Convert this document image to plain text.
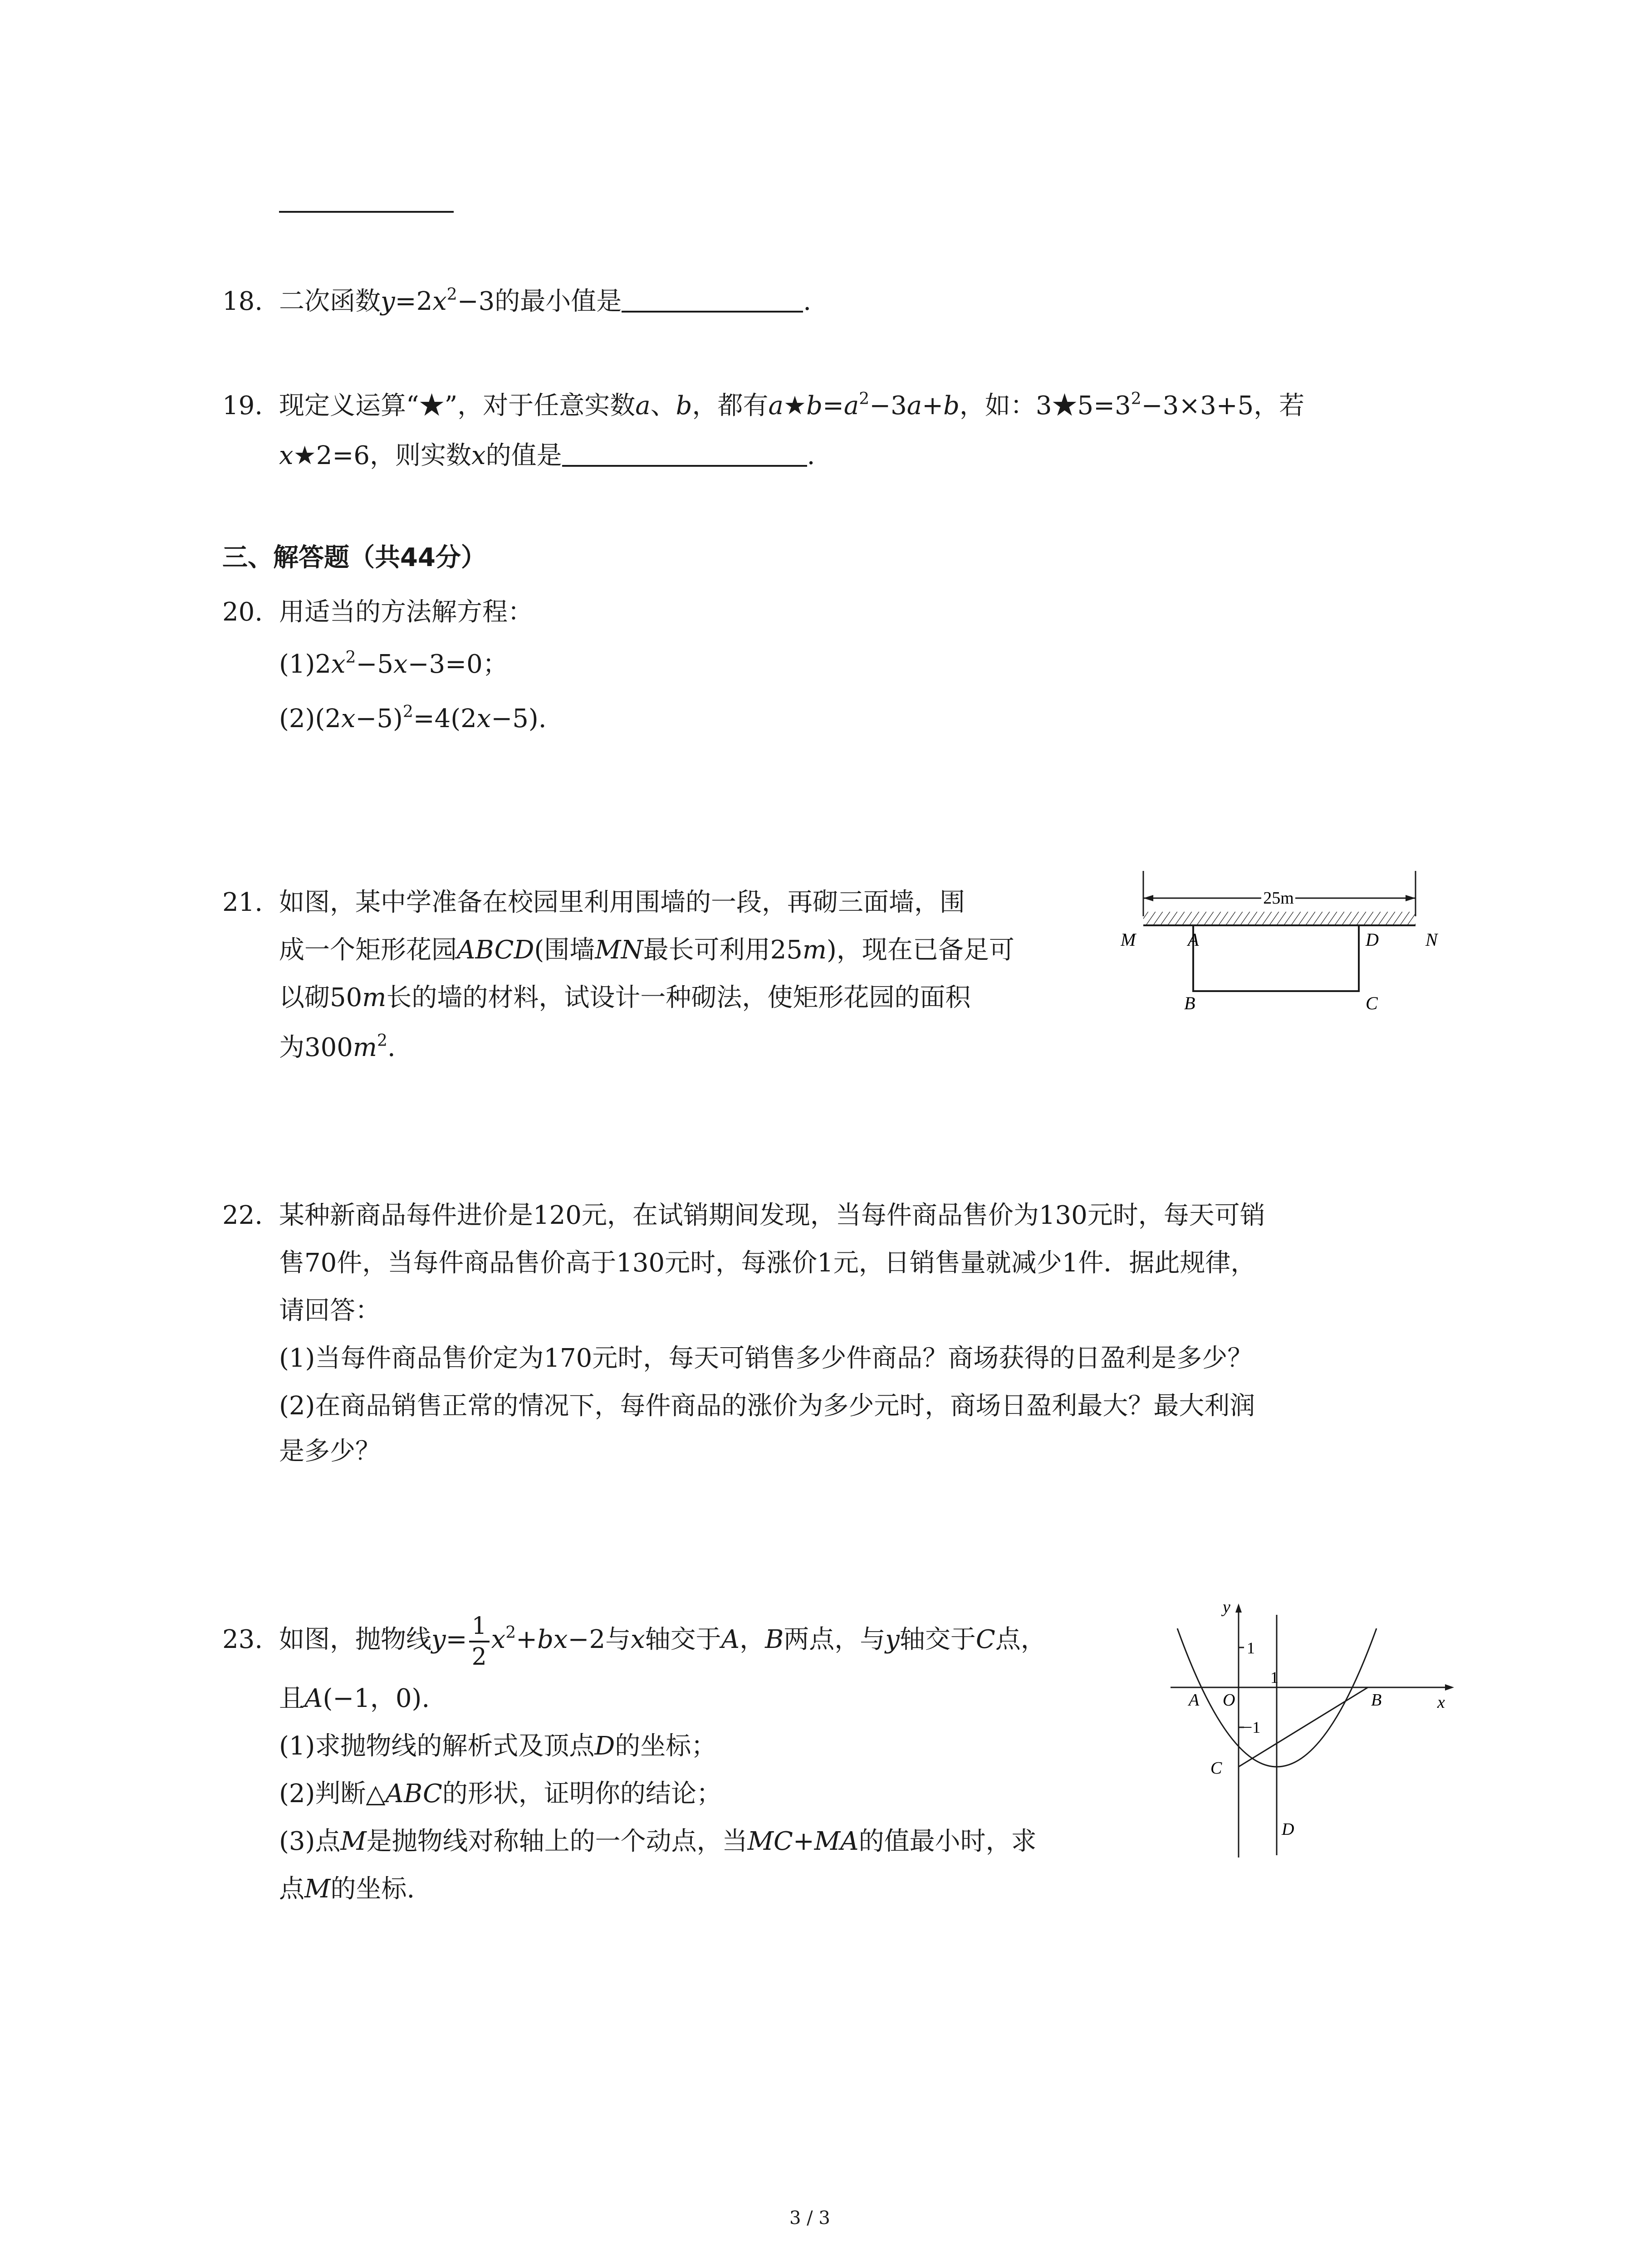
18. 二次函数$y=2x^2-3$的最小值是	.
19. 现定义运算“★”，对于任意实数a、b，都有$a★b=a^2-3a+b$，如：$3★5=3^2-3\times 3+5$，若
x★2=6，则实数x的值是	.
三、解答题（共44分）
20. 用适当的方法解方程：
$(1)2x^2-5x-3=0$；
$(2)(2x-5)^2=4(2x-5)$.
21. 如图，某中学准备在校园里利用围墙的一段，再砌三面墙，围
成一个矩形花园ABCD(围墙MN最长可利用25m)，现在已备足可
以砌50m长的墙的材料，试设计一种砌法，使矩形花园的面积
为$300m^2$.
25m
M	A	D	N
B	C
22. 某种新商品每件进价是120元，在试销期间发现，当每件商品售价为130元时，每天可销
售70件，当每件商品售价高于130元时，每涨价1元，日销售量就减少1件．据此规律，
请回答：
(1)当每件商品售价定为170元时，每天可销售多少件商品？商场获得的日盈利是多少？
(2)在商品销售正常的情况下，每件商品的涨价为多少元时，商场日盈利最大？最大利润
是多少？
23. 如图，抛物线$y= \frac{1}{2} x^2+bx-2$与x轴交于A，B两点，与y轴交于C点，
且A(−1，0).
(1)求抛物线的解析式及顶点D的坐标；
(2)判断△ABC的形状，证明你的结论；
(3)点M是抛物线对称轴上的一个动点，当MC+MA的值最小时，求
点M的坐标.
y
x
1
−1
1
O
A	B
C
D
3 / 3
